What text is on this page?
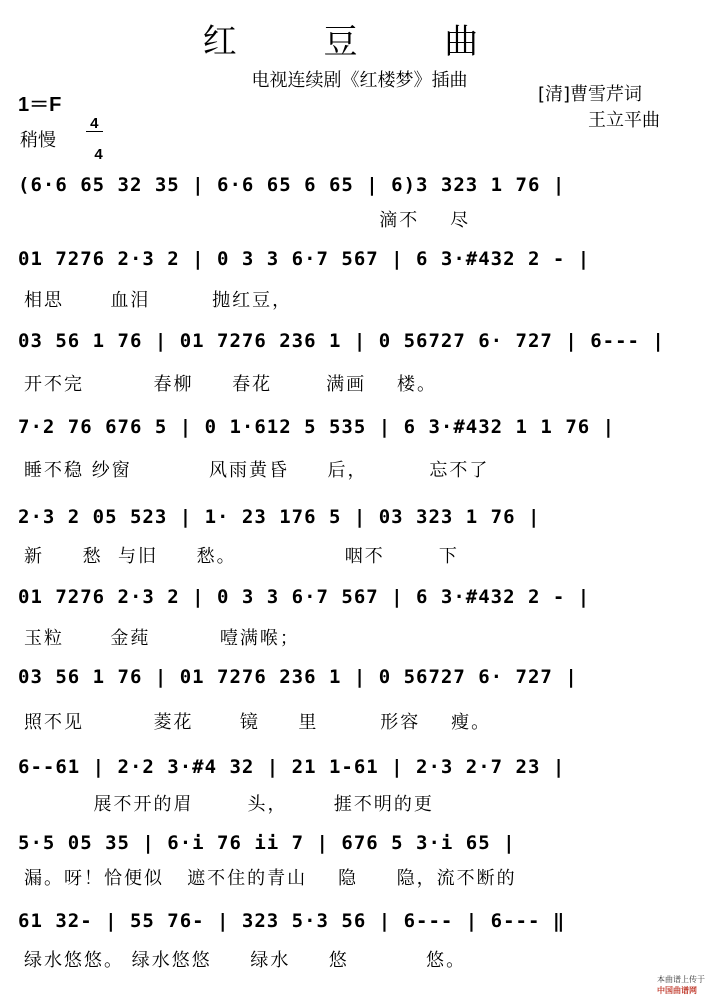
红 豆 曲
电视连续剧《红楼梦》插曲
[清]曹雪芹词
王立平曲
1＝F

4

4

稍慢
(6·6 65 32 35 | 6·6 65 6 65 | 6)3 323 1 76 |
滴不    尽
01 7276 2·3 2 | 0 3 3 6·7 567 | 6 3·#432 2 - |
相思      血泪        抛红豆，
03 56 1 76 | 01 7276 236 1 | 0 56727 6· 727 | 6--- |
开不完         春柳     春花       满画    楼。
7·2 76 676 5 | 0 1·612 5 535 | 6 3·#432 1 1 76 |
睡不稳 纱窗          风雨黄昏     后，        忘不了
2·3 2 05 523 | 1· 23 176 5 | 03 323 1 76 |
新     愁  与旧     愁。              咽不       下
01 7276 2·3 2 | 0 3 3 6·7 567 | 6 3·#432 2 - |
玉粒      金莼         噎满喉；
03 56 1 76 | 01 7276 236 1 | 0 56727 6· 727 |
照不见         菱花      镜     里        形容    瘦。
6--61 | 2·2 3·#4 32 | 21 1-61 | 2·3 2·7 23 |
展不开的眉       头，      捱不明的更
5·5 05 35 | 6·i 76 ii 7 | 676 5 3·i 65 |
漏。呀！恰便似   遮不住的青山    隐     隐，流不断的
61 32- | 55 76- | 323 5·3 56 | 6--- | 6--- ‖
绿水悠悠。 绿水悠悠     绿水     悠          悠。

本曲谱上传于
中国曲谱网
